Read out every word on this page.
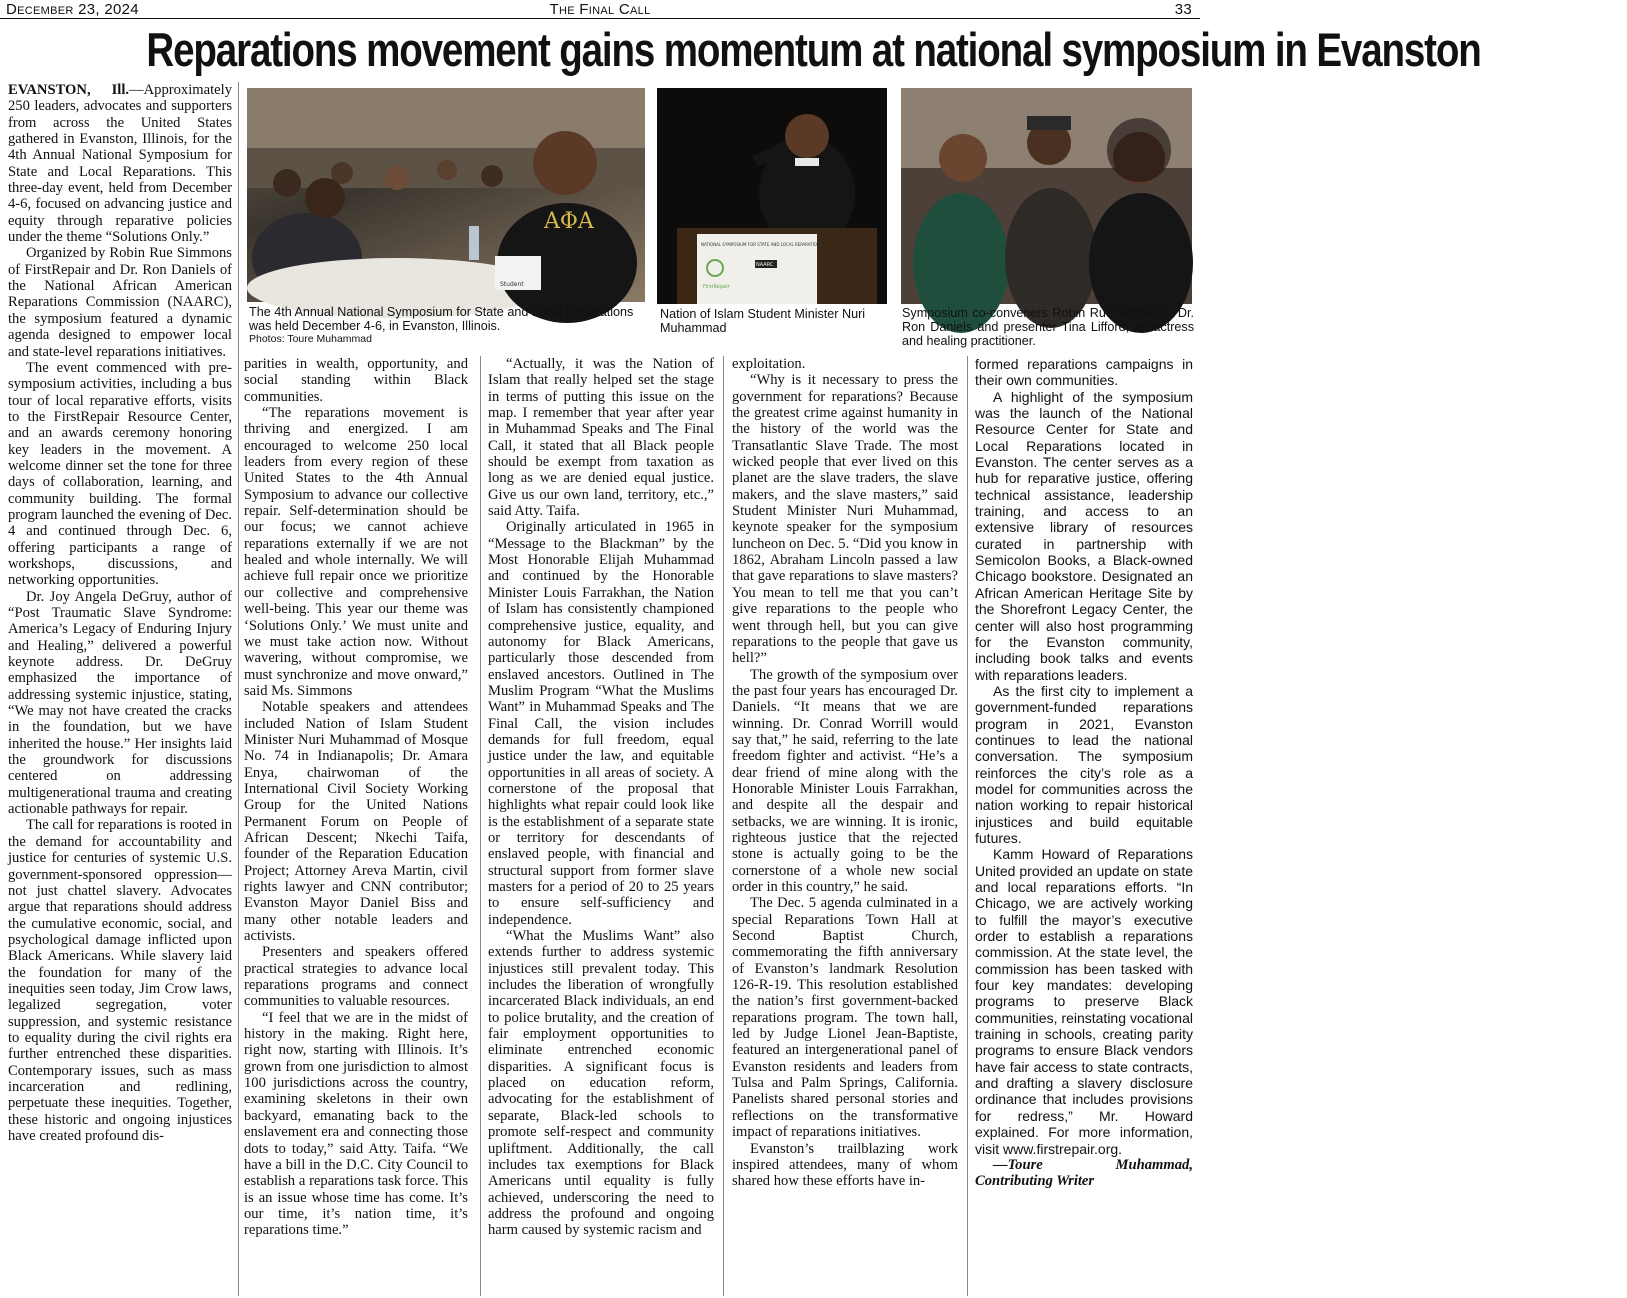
December 23, 2024	The Final Call	33
Reparations movement gains momentum at national symposium in Evanston
ΑΦΑ
Student
NATIONAL SYMPOSIUM FOR STATE AND LOCAL REPARATIONS
FirstRepair
NAARC
The 4th Annual National Symposium for State and Local Reparations was held December 4-6, in Evanston, Illinois.
Photos: Toure Muhammad
Nation of Islam Student Minister Nuri Muhammad
Symposium co-conveners Robin Rue Simmons, Dr. Ron Daniels and presenter Tina Lifford, an actress and healing practitioner.

EVANSTON, Ill.—Approximately 250 leaders, advocates and supporters from across the United States gathered in Evanston, Illinois, for the 4th Annual National Symposium for State and Local Reparations. This three-day event, held from December 4-6, focused on advancing justice and equity through reparative policies under the theme “Solutions Only.”

Organized by Robin Rue Simmons of FirstRepair and Dr. Ron Daniels of the National African American Reparations Commission (NAARC), the symposium featured a dynamic agenda designed to empower local and state-level reparations initiatives.

The event commenced with pre-symposium activities, including a bus tour of local reparative efforts, visits to the FirstRepair Resource Center, and an awards ceremony honoring key leaders in the movement. A welcome dinner set the tone for three days of collaboration, learning, and community building. The formal program launched the evening of Dec. 4 and continued through Dec. 6, offering participants a range of workshops, discussions, and networking opportunities.

Dr. Joy Angela DeGruy, author of “Post Traumatic Slave Syndrome: America’s Legacy of Enduring Injury and Healing,” delivered a powerful keynote address. Dr. DeGruy emphasized the importance of addressing systemic injustice, stating, “We may not have created the cracks in the foundation, but we have inherited the house.” Her insights laid the groundwork for discussions centered on addressing multigenerational trauma and creating actionable pathways for repair.

The call for reparations is rooted in the demand for accountability and justice for centuries of systemic U.S. government-sponsored oppression—not just chattel slavery. Advocates argue that reparations should address the cumulative economic, social, and psychological damage inflicted upon Black Americans. While slavery laid the foundation for many of the inequities seen today, Jim Crow laws, legalized segregation, voter suppression, and systemic resistance to equality during the civil rights era further entrenched these disparities. Contemporary issues, such as mass incarceration and redlining, perpetuate these inequities. Together, these historic and ongoing injustices have created profound dis-

parities in wealth, opportunity, and social standing within Black communities.

“The reparations movement is thriving and energized. I am encouraged to welcome 250 local leaders from every region of these United States to the 4th Annual Symposium to advance our collective repair. Self-determination should be our focus; we cannot achieve reparations externally if we are not healed and whole internally. We will achieve full repair once we prioritize our collective and comprehensive well-being. This year our theme was ‘Solutions Only.’ We must unite and we must take action now. Without wavering, without compromise, we must synchronize and move onward,” said Ms. Simmons

Notable speakers and attendees included Nation of Islam Student Minister Nuri Muhammad of Mosque No. 74 in Indianapolis; Dr. Amara Enya, chairwoman of the International Civil Society Working Group for the United Nations Permanent Forum on People of African Descent; Nkechi Taifa, founder of the Reparation Education Project; Attorney Areva Martin, civil rights lawyer and CNN contributor; Evanston Mayor Daniel Biss and many other notable leaders and activists.

Presenters and speakers offered practical strategies to advance local reparations programs and connect communities to valuable resources.

“I feel that we are in the midst of history in the making. Right here, right now, starting with Illinois. It’s grown from one jurisdiction to almost 100 jurisdictions across the country, examining skeletons in their own backyard, emanating back to the enslavement era and connecting those dots to today,” said Atty. Taifa. “We have a bill in the D.C. City Council to establish a reparations task force. This is an issue whose time has come. It’s our time, it’s nation time, it’s reparations time.”

“Actually, it was the Nation of Islam that really helped set the stage in terms of putting this issue on the map. I remember that year after year in Muhammad Speaks and The Final Call, it stated that all Black people should be exempt from taxation as long as we are denied equal justice. Give us our own land, territory, etc.,” said Atty. Taifa.

Originally articulated in 1965 in “Message to the Blackman” by the Most Honorable Elijah Muhammad and continued by the Honorable Minister Louis Farrakhan, the Nation of Islam has consistently championed comprehensive justice, equality, and autonomy for Black Americans, particularly those descended from enslaved ancestors. Outlined in The Muslim Program “What the Muslims Want” in Muhammad Speaks and The Final Call, the vision includes demands for full freedom, equal justice under the law, and equitable opportunities in all areas of society. A cornerstone of the proposal that highlights what repair could look like is the establishment of a separate state or territory for descendants of enslaved people, with financial and structural support from former slave masters for a period of 20 to 25 years to ensure self-sufficiency and independence.

“What the Muslims Want” also extends further to address systemic injustices still prevalent today. This includes the liberation of wrongfully incarcerated Black individuals, an end to police brutality, and the creation of fair employment opportunities to eliminate entrenched economic disparities. A significant focus is placed on education reform, advocating for the establishment of separate, Black-led schools to promote self-respect and community upliftment. Additionally, the call includes tax exemptions for Black Americans until equality is fully achieved, underscoring the need to address the profound and ongoing harm caused by systemic racism and

exploitation.

“Why is it necessary to press the government for reparations? Because the greatest crime against humanity in the history of the world was the Transatlantic Slave Trade. The most wicked people that ever lived on this planet are the slave traders, the slave makers, and the slave masters,” said Student Minister Nuri Muhammad, keynote speaker for the symposium luncheon on Dec. 5. “Did you know in 1862, Abraham Lincoln passed a law that gave reparations to slave masters? You mean to tell me that you can’t give reparations to the people who went through hell, but you can give reparations to the people that gave us hell?”

The growth of the symposium over the past four years has encouraged Dr. Daniels. “It means that we are winning. Dr. Conrad Worrill would say that,” he said, referring to the late freedom fighter and activist. “He’s a dear friend of mine along with the Honorable Minister Louis Farrakhan, and despite all the despair and setbacks, we are winning. It is ironic, righteous justice that the rejected stone is actually going to be the cornerstone of a whole new social order in this country,” he said.

The Dec. 5 agenda culminated in a special Reparations Town Hall at Second Baptist Church, commemorating the fifth anniversary of Evanston’s landmark Resolution 126-R-19. This resolution established the nation’s first government-backed reparations program. The town hall, led by Judge Lionel Jean-Baptiste, featured an intergenerational panel of Evanston residents and leaders from Tulsa and Palm Springs, California. Panelists shared personal stories and reflections on the transformative impact of reparations initiatives.

Evanston’s trailblazing work inspired attendees, many of whom shared how these efforts have in-

formed reparations campaigns in their own communities.

A highlight of the symposium was the launch of the National Resource Center for State and Local Reparations located in Evanston. The center serves as a hub for reparative justice, offering technical assistance, leadership training, and access to an extensive library of resources curated in partnership with Semicolon Books, a Black-owned Chicago bookstore. Designated an African American Heritage Site by the Shorefront Legacy Center, the center will also host programming for the Evanston community, including book talks and events with reparations leaders.

As the first city to implement a government-funded reparations program in 2021, Evanston continues to lead the national conversation. The symposium reinforces the city’s role as a model for communities across the nation working to repair historical injustices and build equitable futures.

Kamm Howard of Reparations United provided an update on state and local reparations efforts. “In Chicago, we are actively working to fulfill the mayor’s executive order to establish a reparations commission. At the state level, the commission has been tasked with four key mandates: developing programs to preserve Black communities, reinstating vocational training in schools, creating parity programs to ensure Black vendors have fair access to state contracts, and drafting a slavery disclosure ordinance that includes provisions for redress,” Mr. Howard explained. For more information, visit www.firstrepair.org.

—Toure Muhammad, Contributing Writer
